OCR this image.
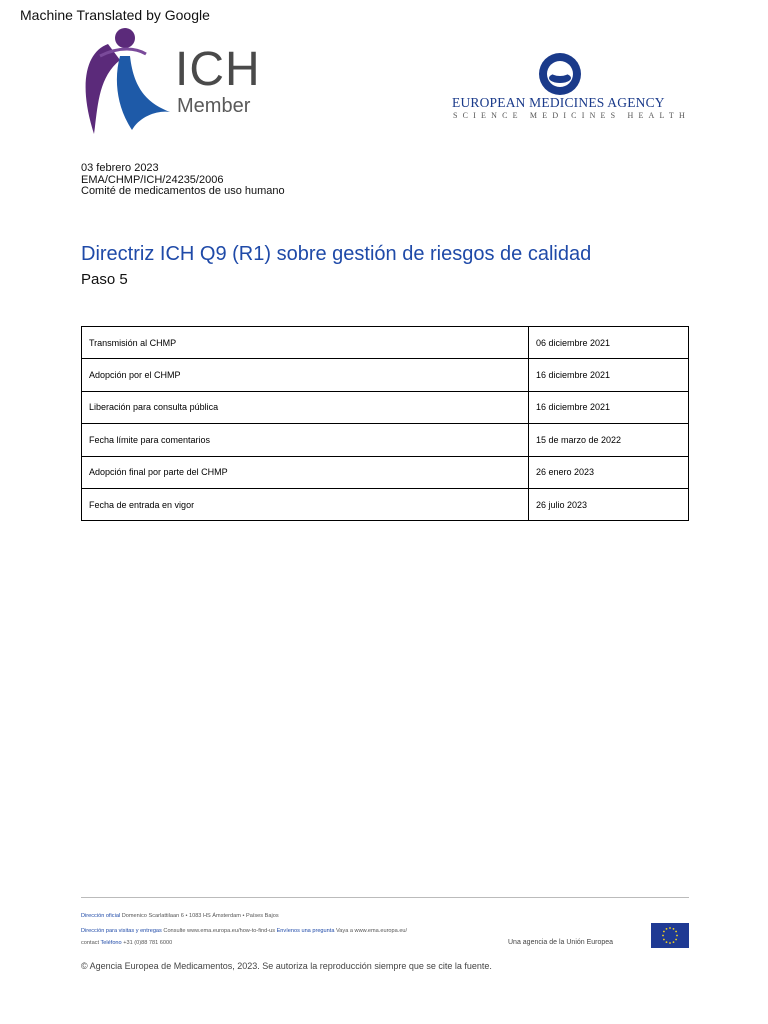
Machine Translated by Google
ICH
Member	EUROPEAN MEDICINES AGENCY
SCIENCE MEDICINES HEALTH
03 febrero 2023
EMA/CHMP/ICH/24235/2006
Comité de medicamentos de uso humano
Directriz ICH Q9 (R1) sobre gestión de riesgos de calidad
Paso 5
Transmisión al CHMP	06 diciembre 2021
Adopción por el CHMP	16 diciembre 2021
Liberación para consulta pública	16 diciembre 2021
Fecha límite para comentarios	15 de marzo de 2022
Adopción final por parte del CHMP	26 enero 2023
Fecha de entrada en vigor	26 julio 2023
Dirección oficial Domenico Scarlattilaan 6 • 1083 HS Ámsterdam • Países Bajos
Dirección para visitas y entregas Consulte www.ema.europa.eu/how-to-find-us Envíenos una pregunta Vaya a www.ema.europa.eu/
contact Teléfono +31 (0)88 781 6000	Una agencia de la Unión Europea
© Agencia Europea de Medicamentos, 2023. Se autoriza la reproducción siempre que se cite la fuente.
